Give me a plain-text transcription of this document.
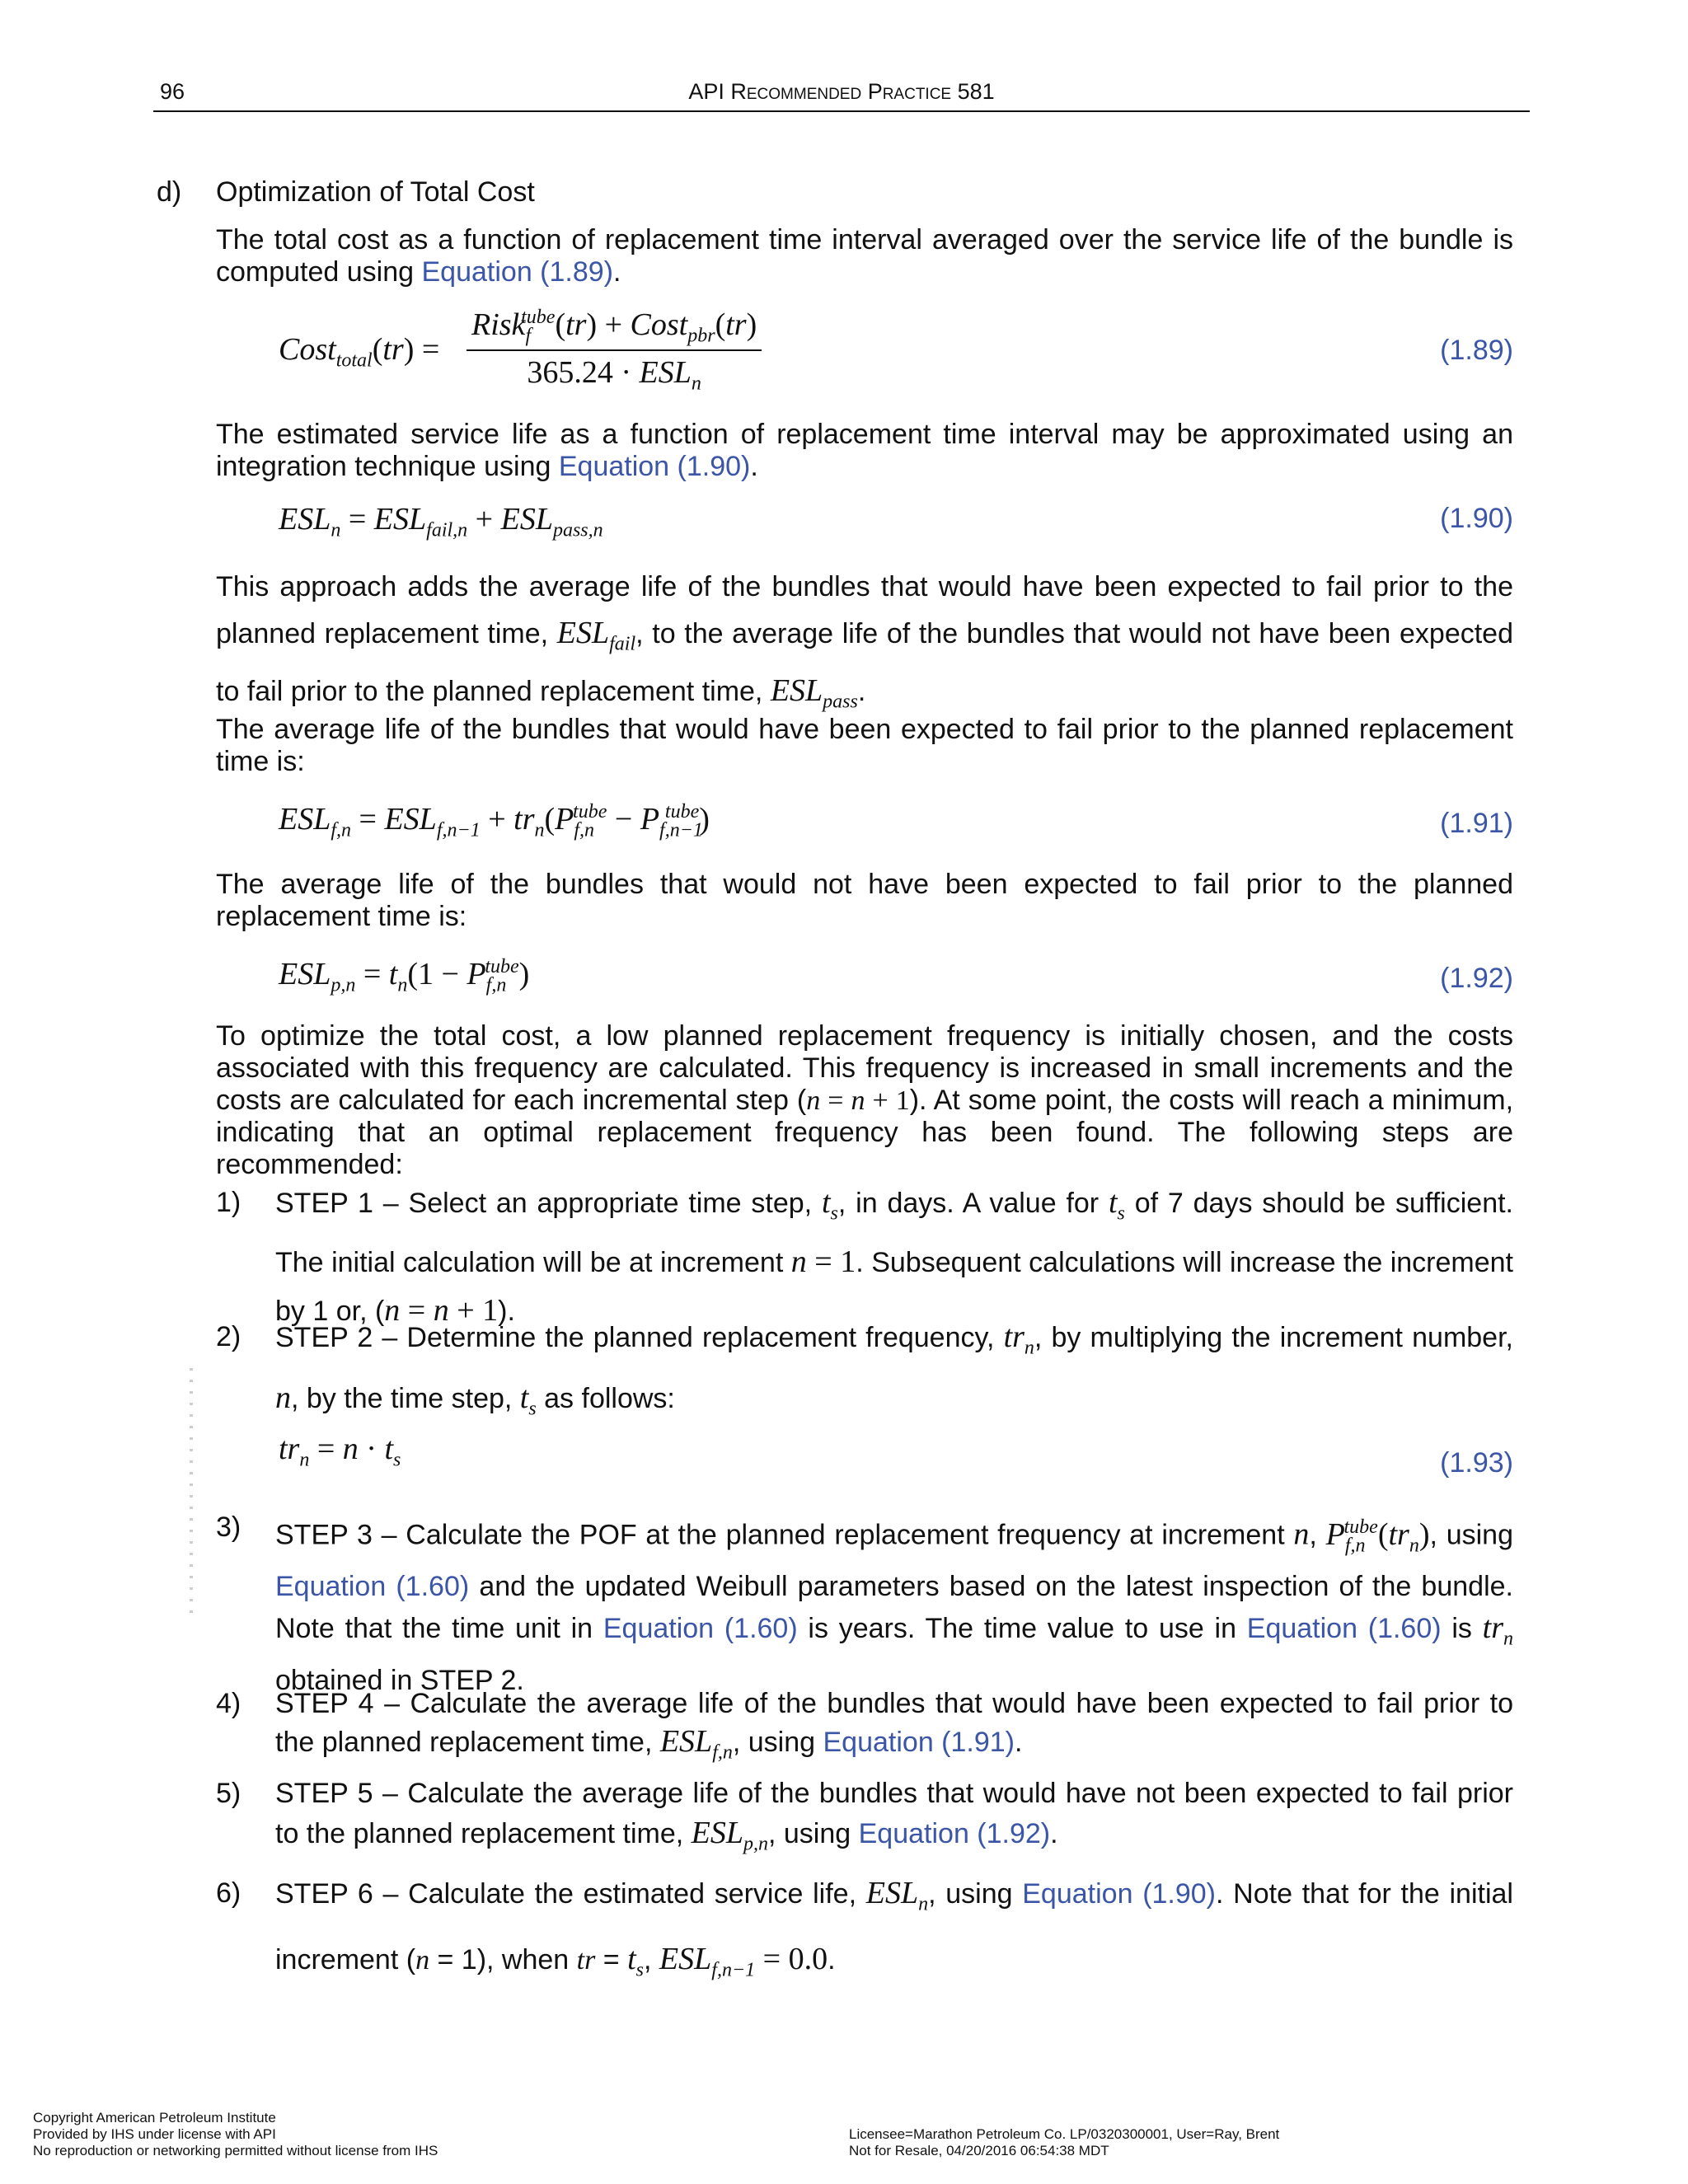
96	API Recommended Practice 581
d) Optimization of Total Cost
The total cost as a function of replacement time interval averaged over the service life of the bundle is computed using Equation (1.89).
Cost$_{total}$(tr) =
Risk$_f^{tube}$(tr) + Cost$_{pbr}$(tr)
$365.24 \cdot ESL_n$
(1.89)
The estimated service life as a function of replacement time interval may be approximated using an integration technique using Equation (1.90).
$ESL_n = ESL_{fail,n} + ESL_{pass,n}$	(1.90)
This approach adds the average life of the bundles that would have been expected to fail prior to the planned replacement time, $ESL_{fail}$, to the average life of the bundles that would not have been expected to fail prior to the planned replacement time, $ESL_{pass}$.
The average life of the bundles that would have been expected to fail prior to the planned replacement time is:
$ESL_{f,n} = ESL_{f,n-1} + tr_n(P_{f,n}^{tube} - P_{f,n-1}^{tube})$	(1.91)
The average life of the bundles that would not have been expected to fail prior to the planned replacement time is:
$ESL_{p,n} = t_n(1 - P_{f,n}^{tube})$	(1.92)
To optimize the total cost, a low planned replacement frequency is initially chosen, and the costs associated with this frequency are calculated. This frequency is increased in small increments and the costs are calculated for each incremental step (n = n + 1). At some point, the costs will reach a minimum, indicating that an optimal replacement frequency has been found. The following steps are recommended:
1) STEP 1 – Select an appropriate time step, $t_s$, in days. A value for $t_s$ of 7 days should be sufficient. The initial calculation will be at increment n = 1. Subsequent calculations will increase the increment by 1 or, (n = n + 1).
2) STEP 2 – Determine the planned replacement frequency, $tr_n$, by multiplying the increment number, n, by the time step, $t_s$ as follows:
$tr_n = n \cdot t_s$	(1.93)
3) STEP 3 – Calculate the POF at the planned replacement frequency at increment n, $P_{f,n}^{tube}(tr_n)$, using Equation (1.60) and the updated Weibull parameters based on the latest inspection of the bundle. Note that the time unit in Equation (1.60) is years. The time value to use in Equation (1.60) is $tr_n$ obtained in STEP 2.
4) STEP 4 – Calculate the average life of the bundles that would have been expected to fail prior to the planned replacement time, $ESL_{f,n}$, using Equation (1.91).
5) STEP 5 – Calculate the average life of the bundles that would have not been expected to fail prior to the planned replacement time, $ESL_{p,n}$, using Equation (1.92).
6) STEP 6 – Calculate the estimated service life, $ESL_n$, using Equation (1.90). Note that for the initial increment (n = 1), when tr = $t_s$, $ESL_{f,n-1} = 0.0$.
Copyright American Petroleum Institute
Provided by IHS under license with API
No reproduction or networking permitted without license from IHS
Licensee=Marathon Petroleum Co. LP/0320300001, User=Ray, Brent
Not for Resale, 04/20/2016 06:54:38 MDT
